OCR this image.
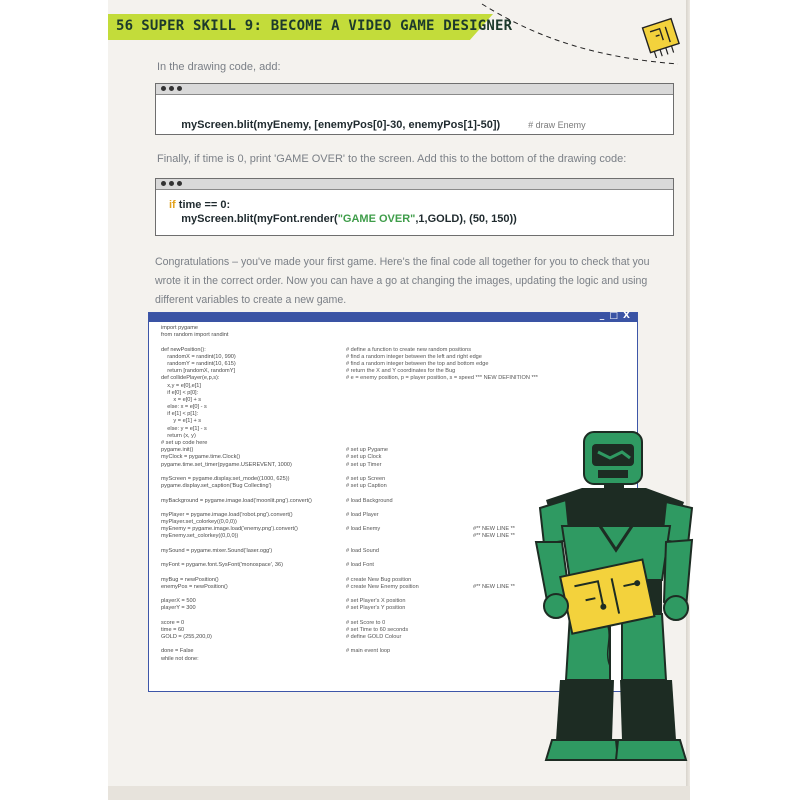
56 SUPER SKILL 9: BECOME A VIDEO GAME DESIGNER
In the drawing code, add:

myScreen.blit(myEnemy, [enemyPos[0]-30, enemyPos[1]-50])	# draw Enemy

Finally, if time is 0, print 'GAME OVER' to the screen. Add this to the bottom of the drawing code:
if time == 0:
myScreen.blit(myFont.render("GAME OVER",1,GOLD), (50, 150))
Congratulations – you've made your first game. Here's the final code all together for you to check that you
wrote it in the correct order. Now you can have a go at changing the images, updating the logic and using
different variables to create a new game.
_ □ X
import pygame
from random import randint
def newPosition():	# define a function to create new random positions
randomX = randint(10, 990)	# find a random integer between the left and right edge
randomY = randint(10, 615)	# find a random integer between the top and bottom edge
return [randomX, randomY]	# return the X and Y coordinates for the Bug
def collidePlayer(e,p,s):	# e = enemy position, p = player position, s = speed *** NEW DEFINITION ***
x,y = e[0],e[1]
if e[0] < p[0]:
x = e[0] + s
else: x = e[0] - s
if e[1] < p[1]:
y = e[1] + s
else: y = e[1] - s
return (x, y)
# set up code here
pygame.init()	# set up Pygame
myClock = pygame.time.Clock()	# set up Clock
pygame.time.set_timer(pygame.USEREVENT, 1000)	# set up Timer
myScreen = pygame.display.set_mode((1000, 625))	# set up Screen
pygame.display.set_caption('Bug Collecting')	# set up Caption
myBackground = pygame.image.load('moonlit.png').convert()	# load Background
myPlayer = pygame.image.load('robot.png').convert()	# load Player
myPlayer.set_colorkey((0,0,0))
myEnemy = pygame.image.load('enemy.png').convert()	# load Enemy	#** NEW LINE **
myEnemy.set_colorkey((0,0,0))	#** NEW LINE **
mySound = pygame.mixer.Sound('laser.ogg')	# load Sound
myFont = pygame.font.SysFont('monospace', 36)	# load Font
myBug = newPosition()	# create New Bug position
enemyPos = newPosition()	# create New Enemy position	#** NEW LINE **
playerX = 500	# set Player's X position
playerY = 300	# set Player's Y position
score = 0	# set Score to 0
time = 60	# set Time to 60 seconds
GOLD = (255,200,0)	# define GOLD Colour
done = False	# main event loop
while not done:
